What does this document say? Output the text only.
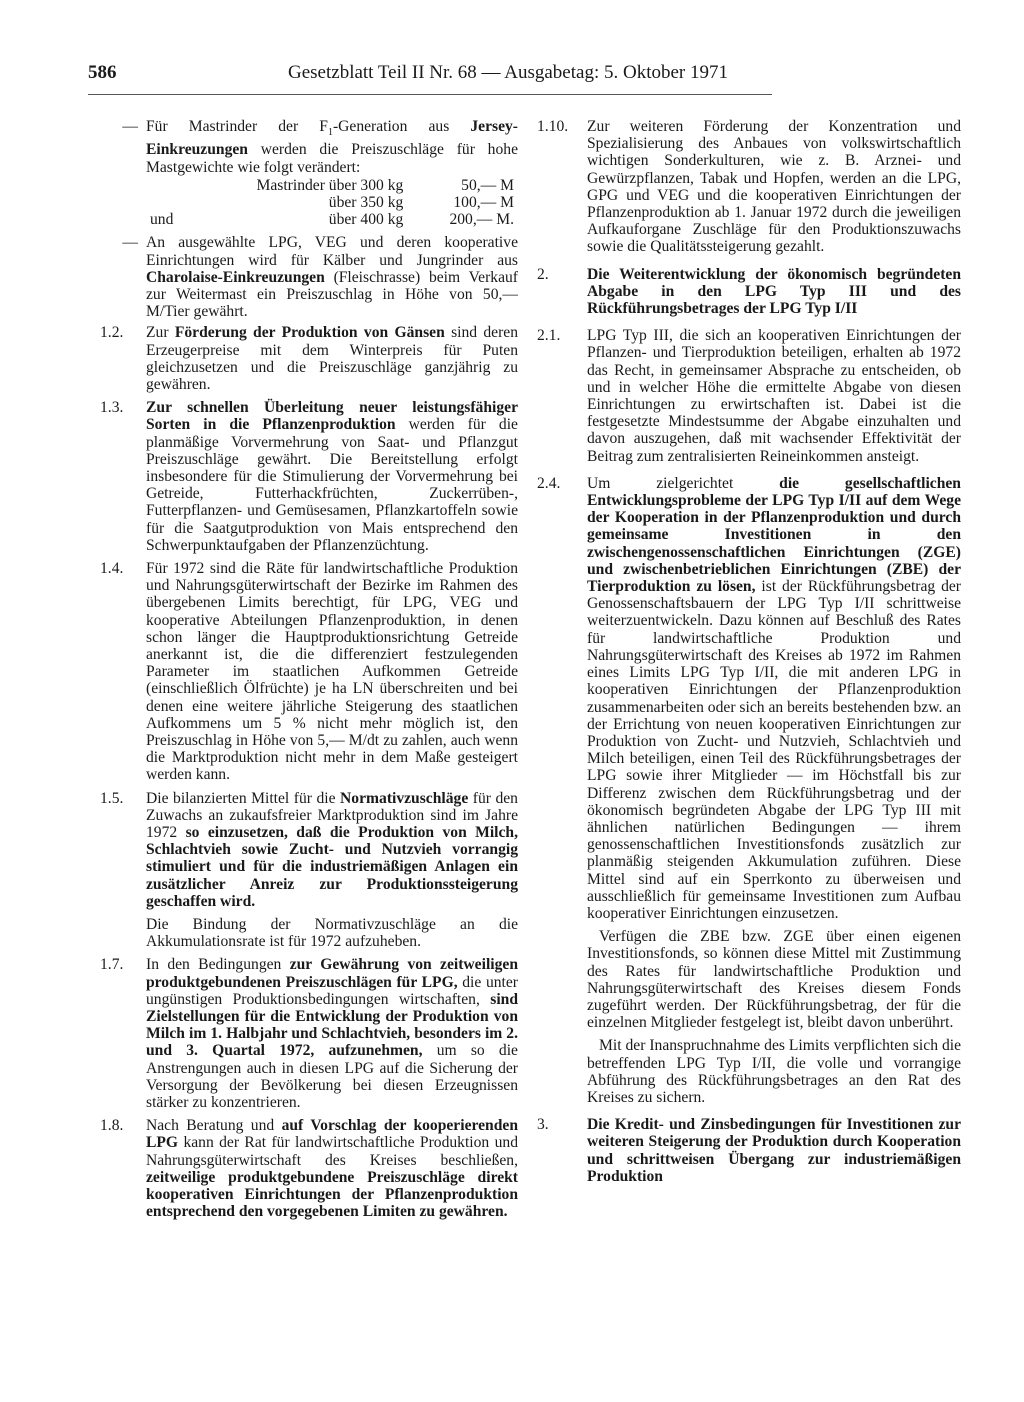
586	Gesetzblatt Teil II Nr. 68 — Ausgabetag: 5. Oktober 1971
— Für Mastrinder der $F_1$-Generation aus Jersey-Einkreuzungen werden die Preiszuschläge für hohe Mastgewichte wie folgt verändert:
	Mastrinder über 300 kg	50,— M
	über 350 kg	100,— M
und	über 400 kg	200,— M.
— An ausgewählte LPG, VEG und deren kooperative Einrichtungen wird für Kälber und Jungrinder aus Charolaise-Einkreuzungen (Fleischrasse) beim Verkauf zur Weitermast ein Preiszuschlag in Höhe von 50,— M/Tier gewährt.
1.2.	Zur Förderung der Produktion von Gänsen sind deren Erzeugerpreise mit dem Winterpreis für Puten gleichzusetzen und die Preiszuschläge ganzjährig zu gewähren.
1.3.	Zur schnellen Überleitung neuer leistungsfähiger Sorten in die Pflanzenproduktion werden für die planmäßige Vorvermehrung von Saat- und Pflanzgut Preiszuschläge gewährt. Die Bereitstellung erfolgt insbesondere für die Stimulierung der Vorvermehrung bei Getreide, Futterhackfrüchten, Zuckerrüben-, Futterpflanzen- und Gemüsesamen, Pflanzkartoffeln sowie für die Saatgutproduktion von Mais entsprechend den Schwerpunktaufgaben der Pflanzenzüchtung.
1.4.	Für 1972 sind die Räte für landwirtschaftliche Produktion und Nahrungsgüterwirtschaft der Bezirke im Rahmen des übergebenen Limits berechtigt, für LPG, VEG und kooperative Abteilungen Pflanzenproduktion, in denen schon länger die Hauptproduktionsrichtung Getreide anerkannt ist, die die differenziert festzulegenden Parameter im staatlichen Aufkommen Getreide (einschließlich Ölfrüchte) je ha LN überschreiten und bei denen eine weitere jährliche Steigerung des staatlichen Aufkommens um 5 % nicht mehr möglich ist, den Preiszuschlag in Höhe von 5,— M/dt zu zahlen, auch wenn die Marktproduktion nicht mehr in dem Maße gesteigert werden kann.
1.5.	Die bilanzierten Mittel für die Normativzuschläge für den Zuwachs an zukaufsfreier Marktproduktion sind im Jahre 1972 so einzusetzen, daß die Produktion von Milch, Schlachtvieh sowie Zucht- und Nutzvieh vorrangig stimuliert und für die industriemäßigen Anlagen ein zusätzlicher Anreiz zur Produktionssteigerung geschaffen wird.

Die Bindung der Normativzuschläge an die Akkumulationsrate ist für 1972 aufzuheben.

1.7.	In den Bedingungen zur Gewährung von zeitweiligen produktgebundenen Preiszuschlägen für LPG, die unter ungünstigen Produktionsbedingungen wirtschaften, sind Zielstellungen für die Entwicklung der Produktion von Milch im 1. Halbjahr und Schlachtvieh, besonders im 2. und 3. Quartal 1972, aufzunehmen, um so die Anstrengungen auch in diesen LPG auf die Sicherung der Versorgung der Bevölkerung bei diesen Erzeugnissen stärker zu konzentrieren.
1.8.	Nach Beratung und auf Vorschlag der kooperierenden LPG kann der Rat für landwirtschaftliche Produktion und Nahrungsgüterwirtschaft des Kreises beschließen, zeitweilige produktgebundene Preiszuschläge direkt kooperativen Einrichtungen der Pflanzenproduktion entsprechend den vorgegebenen Limiten zu gewähren.
1.10.	Zur weiteren Förderung der Konzentration und Spezialisierung des Anbaues von volkswirtschaftlich wichtigen Sonderkulturen, wie z. B. Arznei- und Gewürzpflanzen, Tabak und Hopfen, werden an die LPG, GPG und VEG und die kooperativen Einrichtungen der Pflanzenproduktion ab 1. Januar 1972 durch die jeweiligen Aufkauforgane Zuschläge für den Produktionszuwachs sowie die Qualitätssteigerung gezahlt.
2.	Die Weiterentwicklung der ökonomisch begründeten Abgabe in den LPG Typ III und des Rückführungsbetrages der LPG Typ I/II
2.1.	LPG Typ III, die sich an kooperativen Einrichtungen der Pflanzen- und Tierproduktion beteiligen, erhalten ab 1972 das Recht, in gemeinsamer Absprache zu entscheiden, ob und in welcher Höhe die ermittelte Abgabe von diesen Einrichtungen zu erwirtschaften ist. Dabei ist die festgesetzte Mindestsumme der Abgabe einzuhalten und davon auszugehen, daß mit wachsender Effektivität der Beitrag zum zentralisierten Reineinkommen ansteigt.
2.4.	Um zielgerichtet die gesellschaftlichen Entwicklungsprobleme der LPG Typ I/II auf dem Wege der Kooperation in der Pflanzenproduktion und durch gemeinsame Investitionen in den zwischengenossenschaftlichen Einrichtungen (ZGE) und zwischenbetrieblichen Einrichtungen (ZBE) der Tierproduktion zu lösen, ist der Rückführungsbetrag der Genossenschaftsbauern der LPG Typ I/II schrittweise weiterzuentwickeln. Dazu können auf Beschluß des Rates für landwirtschaftliche Produktion und Nahrungsgüterwirtschaft des Kreises ab 1972 im Rahmen eines Limits LPG Typ I/II, die mit anderen LPG in kooperativen Einrichtungen der Pflanzenproduktion zusammenarbeiten oder sich an bereits bestehenden bzw. an der Errichtung von neuen kooperativen Einrichtungen zur Produktion von Zucht- und Nutzvieh, Schlachtvieh und Milch beteiligen, einen Teil des Rückführungsbetrages der LPG sowie ihrer Mitglieder — im Höchstfall bis zur Differenz zwischen dem Rückführungsbetrag und der ökonomisch begründeten Abgabe der LPG Typ III mit ähnlichen natürlichen Bedingungen — ihrem genossenschaftlichen Investitionsfonds zusätzlich zur planmäßig steigenden Akkumulation zuführen. Diese Mittel sind auf ein Sperrkonto zu überweisen und ausschließlich für gemeinsame Investitionen zum Aufbau kooperativer Einrichtungen einzusetzen.

Verfügen die ZBE bzw. ZGE über einen eigenen Investitionsfonds, so können diese Mittel mit Zustimmung des Rates für landwirtschaftliche Produktion und Nahrungsgüterwirtschaft des Kreises diesem Fonds zugeführt werden. Der Rückführungsbetrag, der für die einzelnen Mitglieder festgelegt ist, bleibt davon unberührt.

Mit der Inanspruchnahme des Limits verpflichten sich die betreffenden LPG Typ I/II, die volle und vorrangige Abführung des Rückführungsbetrages an den Rat des Kreises zu sichern.

3.	Die Kredit- und Zinsbedingungen für Investitionen zur weiteren Steigerung der Produktion durch Kooperation und schrittweisen Übergang zur industriemäßigen Produktion
